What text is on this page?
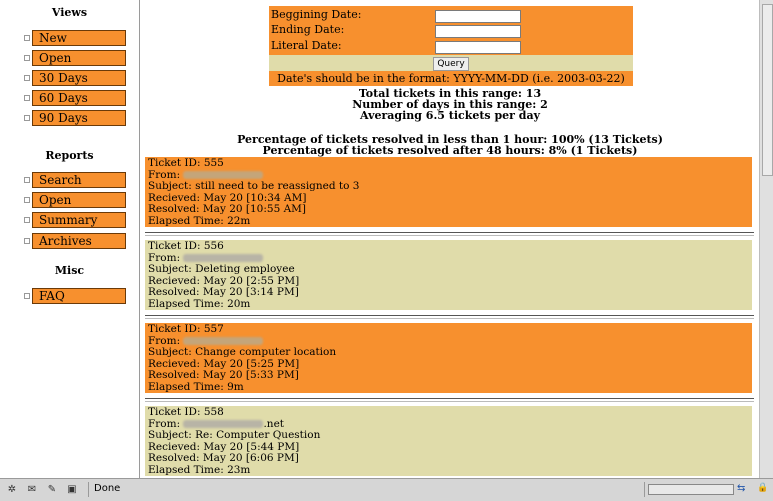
Views
New
Open
30 Days
60 Days
90 Days
Reports
Search
Open
Summary
Archives
Misc
FAQ
Beggining Date:
Ending Date:
Literal Date:
Query
Date's should be in the format: YYYY-MM-DD (i.e. 2003-03-22)
Total tickets in this range: 13
Number of days in this range: 2
Averaging 6.5 tickets per day
Percentage of tickets resolved in less than 1 hour: 100% (13 Tickets)
Percentage of tickets resolved after 48 hours: 8% (1 Tickets)
Ticket ID: 555
From:
Subject: still need to be reassigned to 3
Recieved: May 20 [10:34 AM]
Resolved: May 20 [10:55 AM]
Elapsed Time: 22m
Ticket ID: 556
From:
Subject: Deleting employee
Recieved: May 20 [2:55 PM]
Resolved: May 20 [3:14 PM]
Elapsed Time: 20m
Ticket ID: 557
From:
Subject: Change computer location
Recieved: May 20 [5:25 PM]
Resolved: May 20 [5:33 PM]
Elapsed Time: 9m
Ticket ID: 558
From:	.net
Subject: Re: Computer Question
Recieved: May 20 [5:44 PM]
Resolved: May 20 [6:06 PM]
Elapsed Time: 23m
✲ ✉ ✎ ▣ Done	⇆	🔒
